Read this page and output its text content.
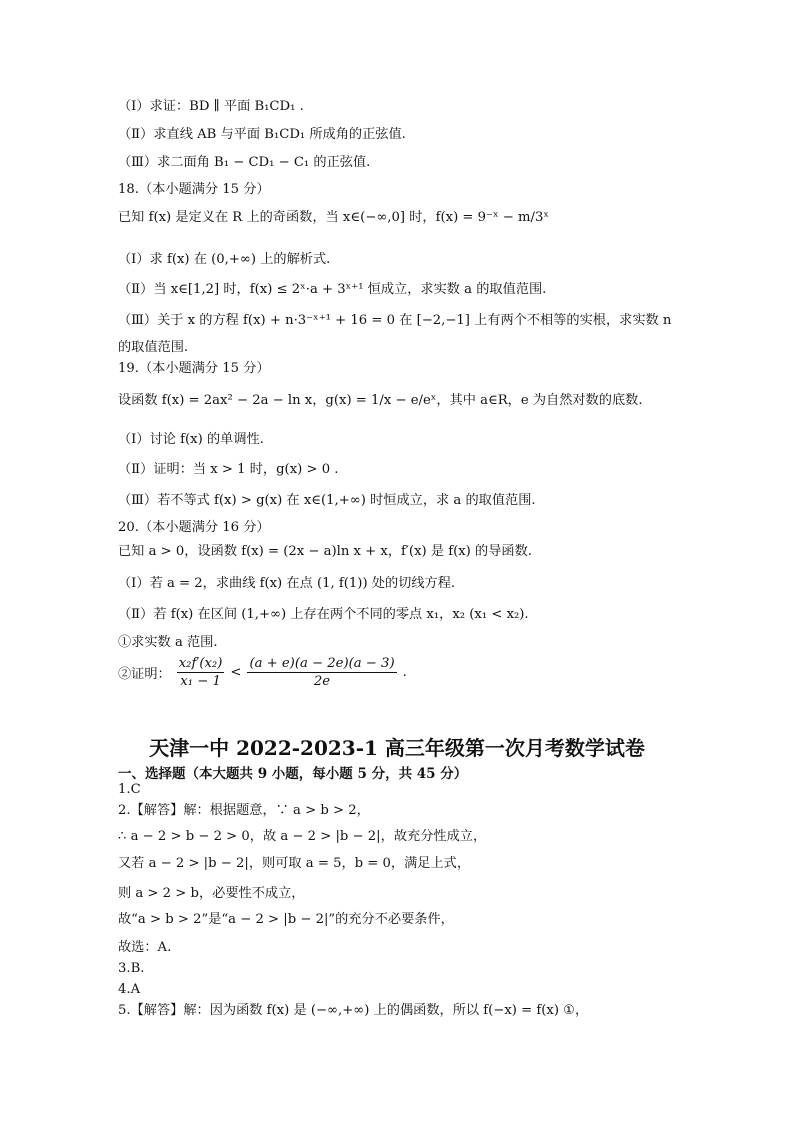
（Ⅰ）求证：BD ∥ 平面 B₁CD₁ .
（Ⅱ）求直线 AB 与平面 B₁CD₁ 所成角的正弦值.
（Ⅲ）求二面角 B₁ − CD₁ − C₁ 的正弦值.
18.（本小题满分 15 分）
已知 f(x) 是定义在 R 上的奇函数，当 x∈(−∞,0] 时，f(x) = 9⁻ˣ − m/3ˣ
（Ⅰ）求 f(x) 在 (0,+∞) 上的解析式.
（Ⅱ）当 x∈[1,2] 时，f(x) ≤ 2ˣ·a + 3ˣ⁺¹ 恒成立，求实数 a 的取值范围.
（Ⅲ）关于 x 的方程 f(x) + n·3⁻ˣ⁺¹ + 16 = 0 在 [−2,−1] 上有两个不相等的实根，求实数 n
的取值范围.
19.（本小题满分 15 分）
设函数 f(x) = 2ax² − 2a − ln x，g(x) = 1/x − e/eˣ，其中 a∈R，e 为自然对数的底数.
（Ⅰ）讨论 f(x) 的单调性.
（Ⅱ）证明：当 x > 1 时，g(x) > 0 .
（Ⅲ）若不等式 f(x) > g(x) 在 x∈(1,+∞) 时恒成立，求 a 的取值范围.
20.（本小题满分 16 分）
已知 a > 0，设函数 f(x) = (2x − a)ln x + x，f′(x) 是 f(x) 的导函数.
（Ⅰ）若 a = 2，求曲线 f(x) 在点 (1, f(1)) 处的切线方程.
（Ⅱ）若 f(x) 在区间 (1,+∞) 上存在两个不同的零点 x₁，x₂ (x₁ < x₂).
①求实数 a 范围.
②证明： $\frac{\text{x₂f′(x₂)}}{\text{x₁ − 1}} < \frac{(a + e)(a - 2e)(a - 3)}{2e}$ .
天津一中 2022-2023-1 高三年级第一次月考数学试卷
一、选择题（本大题共 9 小题，每小题 5 分，共 45 分）
1.C
2.【解答】解：根据题意，∵ a > b > 2，
∴ a − 2 > b − 2 > 0，故 a − 2 > |b − 2|，故充分性成立，
又若 a − 2 > |b − 2|，则可取 a = 5，b = 0，满足上式，
则 a > 2 > b，必要性不成立，
故“a > b > 2”是“a − 2 > |b − 2|”的充分不必要条件，
故选：A.
3.B.
4.A
5.【解答】解：因为函数 f(x) 是 (−∞,+∞) 上的偶函数，所以 f(−x) = f(x) ①，
